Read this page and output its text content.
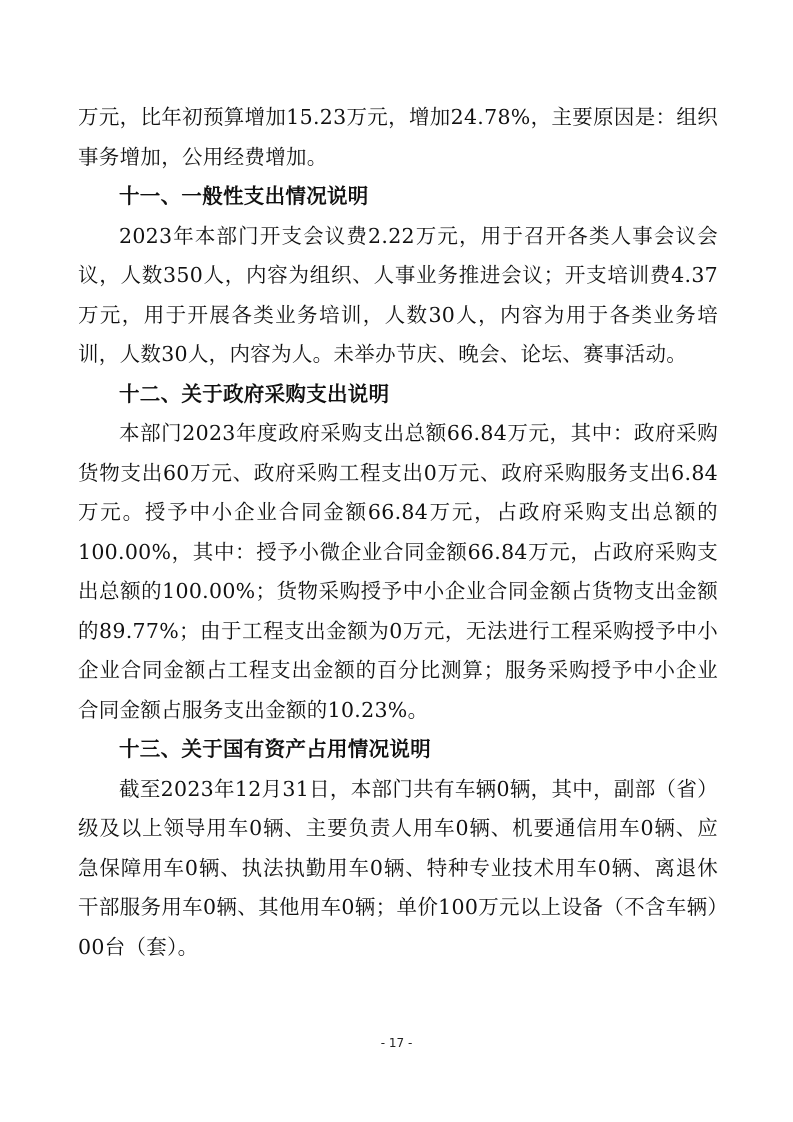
万元，比年初预算增加15.23万元，增加24.78%，主要原因是：组织事务增加，公用经费增加。

十一、一般性支出情况说明

2023年本部门开支会议费2.22万元，用于召开各类人事会议会议，人数350人，内容为组织、人事业务推进会议；开支培训费4.37万元，用于开展各类业务培训，人数30人，内容为用于各类业务培训，人数30人，内容为人。未举办节庆、晚会、论坛、赛事活动。

十二、关于政府采购支出说明

本部门2023年度政府采购支出总额66.84万元，其中：政府采购货物支出60万元、政府采购工程支出0万元、政府采购服务支出6.84万元。授予中小企业合同金额66.84万元，占政府采购支出总额的100.00%，其中：授予小微企业合同金额66.84万元，占政府采购支出总额的100.00%；货物采购授予中小企业合同金额占货物支出金额的89.77%；由于工程支出金额为0万元，无法进行工程采购授予中小企业合同金额占工程支出金额的百分比测算；服务采购授予中小企业合同金额占服务支出金额的10.23%。

十三、关于国有资产占用情况说明

截至2023年12月31日，本部门共有车辆0辆，其中，副部（省）级及以上领导用车0辆、主要负责人用车0辆、机要通信用车0辆、应急保障用车0辆、执法执勤用车0辆、特种专业技术用车0辆、离退休干部服务用车0辆、其他用车0辆；单价100万元以上设备（不含车辆）00台（套）。

- 17 -
